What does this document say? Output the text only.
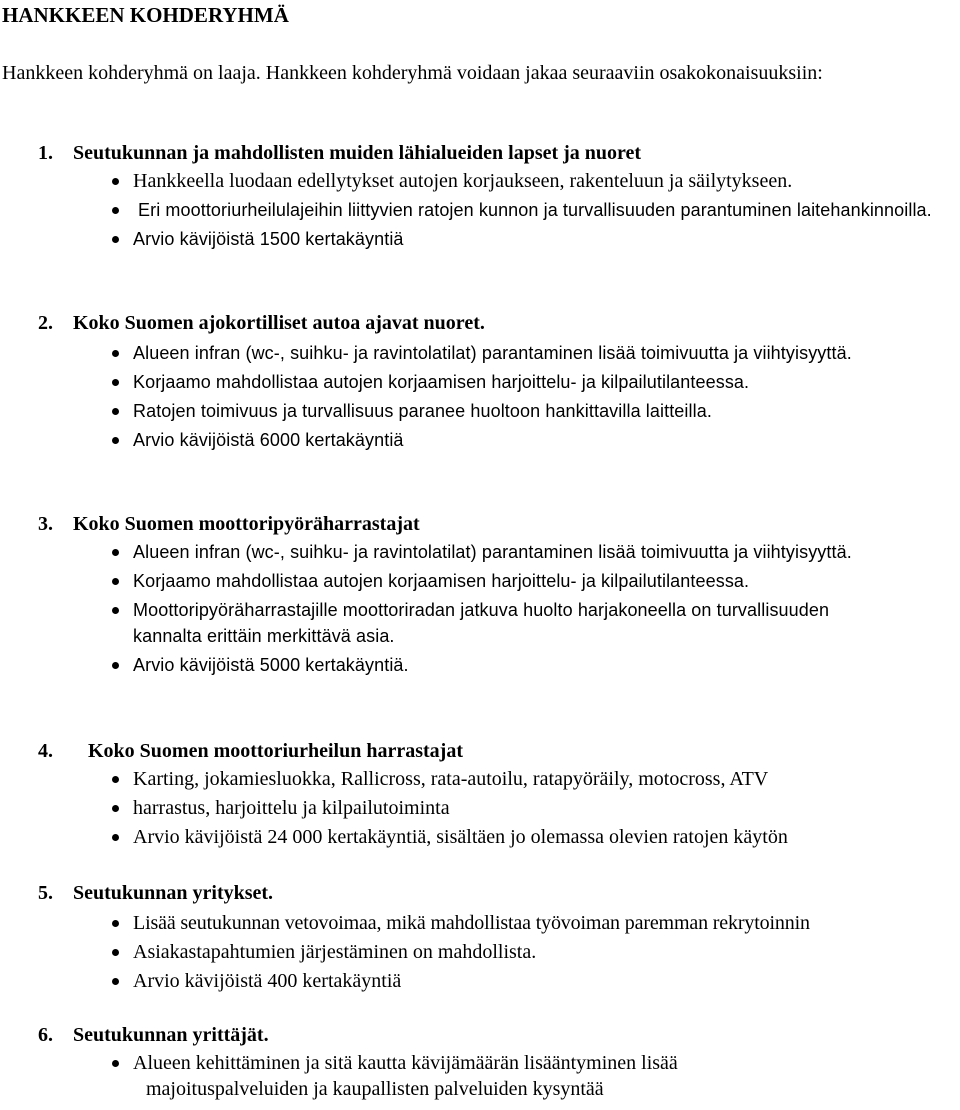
HANKKEEN KOHDERYHMÄ

Hankkeen kohderyhmä on laaja. Hankkeen kohderyhmä voidaan jakaa seuraaviin osakokonaisuuksiin:

1. Seutukunnan ja mahdollisten muiden lähialueiden lapset ja nuoret
Hankkeella luodaan edellytykset autojen korjaukseen, rakenteluun ja säilytykseen.
Eri moottoriurheilulajeihin liittyvien ratojen kunnon ja turvallisuuden parantuminen laitehankinnoilla.
Arvio kävijöistä 1500 kertakäyntiä
2. Koko Suomen ajokortilliset autoa ajavat nuoret.
Alueen infran (wc-, suihku- ja ravintolatilat) parantaminen lisää toimivuutta ja viihtyisyyttä.
Korjaamo mahdollistaa autojen korjaamisen harjoittelu- ja kilpailutilanteessa.
Ratojen toimivuus ja turvallisuus paranee huoltoon hankittavilla laitteilla.
Arvio kävijöistä 6000 kertakäyntiä
3. Koko Suomen moottoripyöräharrastajat
Alueen infran (wc-, suihku- ja ravintolatilat) parantaminen lisää toimivuutta ja viihtyisyyttä.
Korjaamo mahdollistaa autojen korjaamisen harjoittelu- ja kilpailutilanteessa.
Moottoripyöräharrastajille moottoriradan jatkuva huolto harjakoneella on turvallisuuden kannalta erittäin merkittävä asia.
Arvio kävijöistä 5000 kertakäyntiä.
4. Koko Suomen moottoriurheilun harrastajat
Karting, jokamiesluokka, Rallicross, rata-autoilu, ratapyöräily, motocross, ATV
harrastus, harjoittelu ja kilpailutoiminta
Arvio kävijöistä 24 000 kertakäyntiä, sisältäen jo olemassa olevien ratojen käytön
5. Seutukunnan yritykset.
Lisää seutukunnan vetovoimaa, mikä mahdollistaa työvoiman paremman rekrytoinnin
Asiakastapahtumien järjestäminen on mahdollista.
Arvio kävijöistä 400 kertakäyntiä
6. Seutukunnan yrittäjät.
Alueen kehittäminen ja sitä kautta kävijämäärän lisääntyminen lisää majoituspalveluiden ja kaupallisten palveluiden kysyntää
